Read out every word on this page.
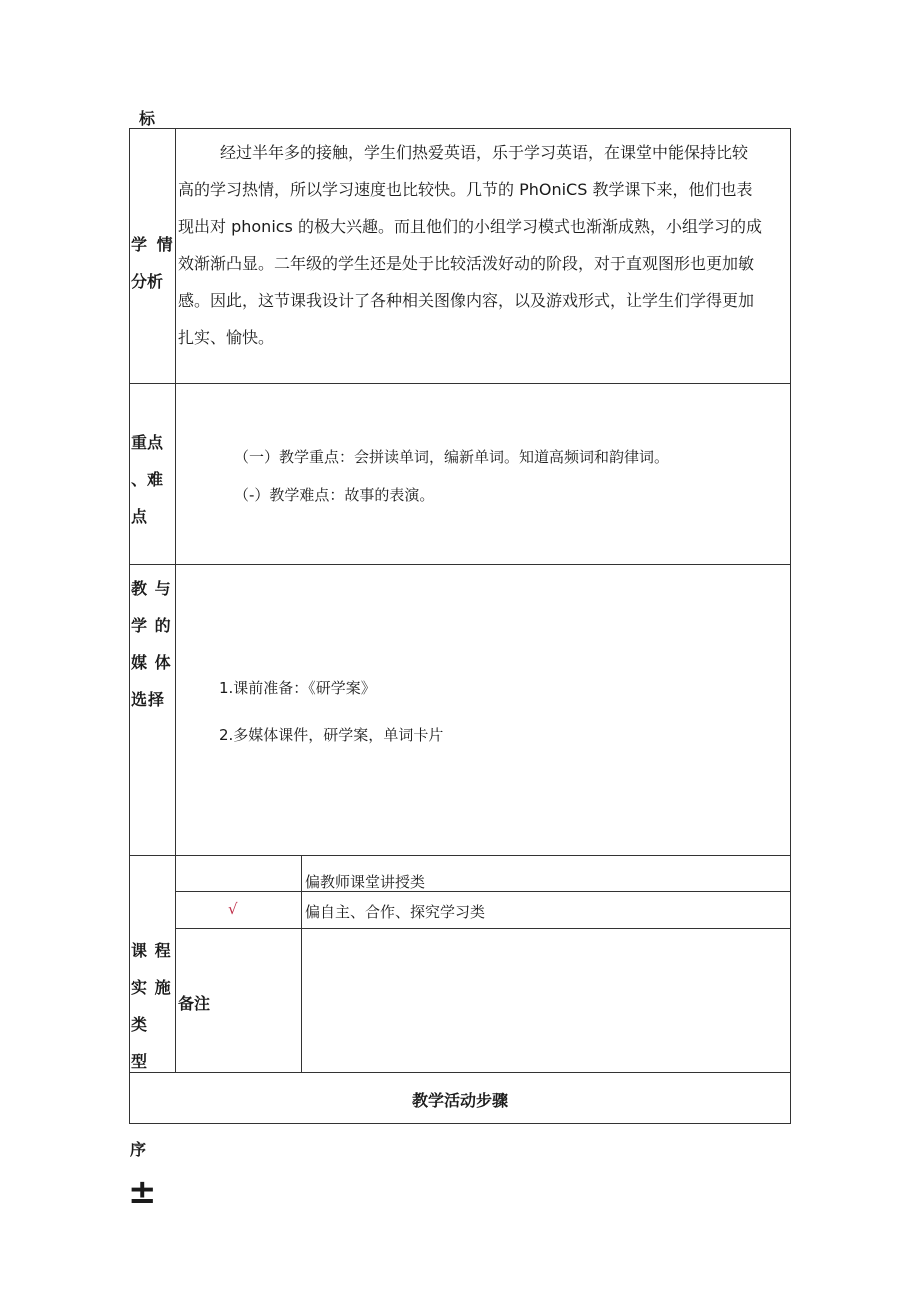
标
学 情
分析
经过半年多的接触，学生们热爱英语，乐于学习英语，在课堂中能保持比较
高的学习热情，所以学习速度也比较快。几节的 PhOniCS 教学课下来，他们也表
现出对 phonics 的极大兴趣。而且他们的小组学习模式也渐渐成熟，小组学习的成
效渐渐凸显。二年级的学生还是处于比较活泼好动的阶段，对于直观图形也更加敏
感。因此，这节课我设计了各种相关图像内容，以及游戏形式，让学生们学得更加
扎实、愉快。
重点
、难
点
（一）教学重点：会拼读单词，编新单词。知道高频词和韵律词。
（-）教学难点：故事的表演。
教 与
学 的
媒 体
选择
1.课前准备：《研学案》
2.多媒体课件，研学案，单词卡片
课 程
实 施
类
型
偏教师课堂讲授类
√	偏自主、合作、探究学习类
备注
教学活动步骤
序
±
